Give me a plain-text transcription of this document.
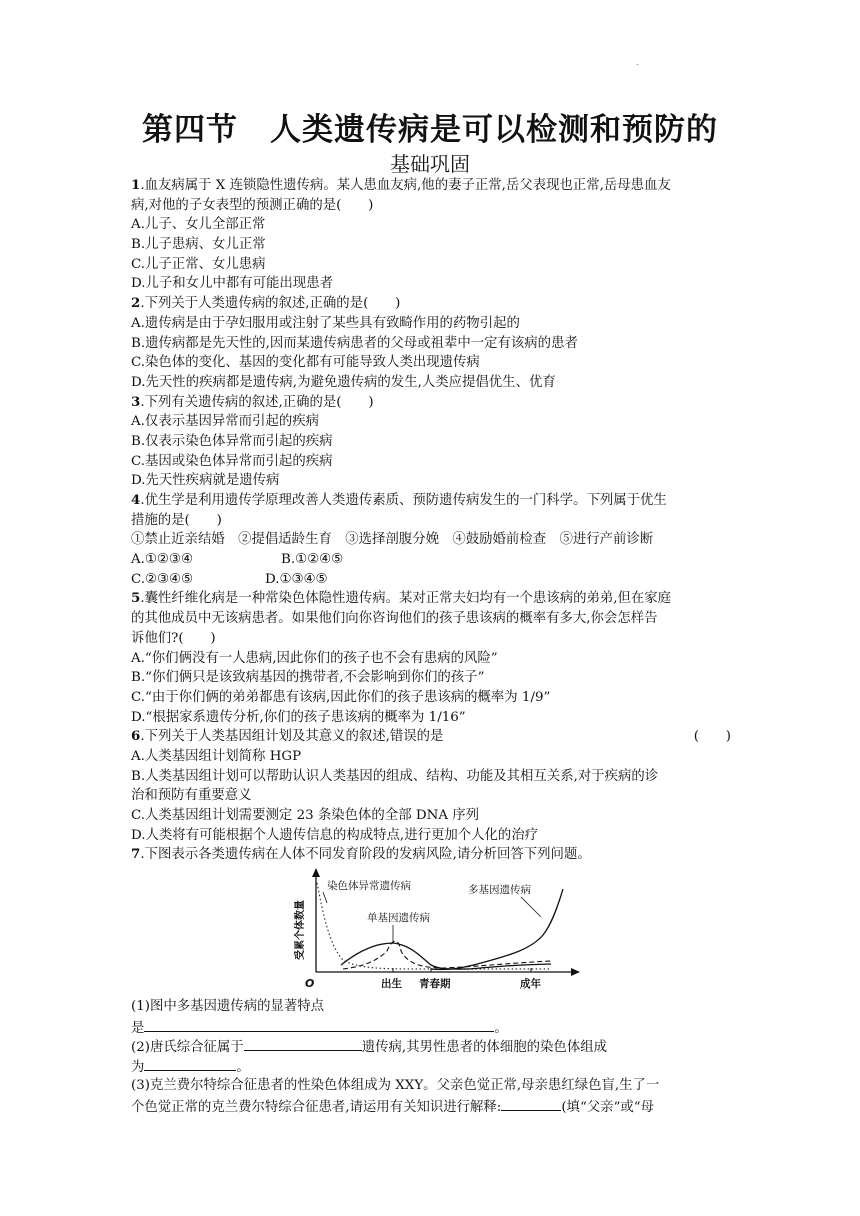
.
第四节　人类遗传病是可以检测和预防的
基础巩固
1.血友病属于 X 连锁隐性遗传病。某人患血友病,他的妻子正常,岳父表现也正常,岳母患血友
病,对他的子女表型的预测正确的是(　　)
A.儿子、女儿全部正常
B.儿子患病、女儿正常
C.儿子正常、女儿患病
D.儿子和女儿中都有可能出现患者
2.下列关于人类遗传病的叙述,正确的是(　　)
A.遗传病是由于孕妇服用或注射了某些具有致畸作用的药物引起的
B.遗传病都是先天性的,因而某遗传病患者的父母或祖辈中一定有该病的患者
C.染色体的变化、基因的变化都有可能导致人类出现遗传病
D.先天性的疾病都是遗传病,为避免遗传病的发生,人类应提倡优生、优育
3.下列有关遗传病的叙述,正确的是(　　)
A.仅表示基因异常而引起的疾病
B.仅表示染色体异常而引起的疾病
C.基因或染色体异常而引起的疾病
D.先天性疾病就是遗传病
4.优生学是利用遗传学原理改善人类遗传素质、预防遗传病发生的一门科学。下列属于优生
措施的是(　　)
①禁止近亲结婚　②提倡适龄生育　③选择剖腹分娩　④鼓励婚前检查　⑤进行产前诊断
A.①②③④	B.①②④⑤
C.②③④⑤	D.①③④⑤
5.囊性纤维化病是一种常染色体隐性遗传病。某对正常夫妇均有一个患该病的弟弟,但在家庭
的其他成员中无该病患者。如果他们向你咨询他们的孩子患该病的概率有多大,你会怎样告
诉他们?(　　)
A.“你们俩没有一人患病,因此你们的孩子也不会有患病的风险”
B.“你们俩只是该致病基因的携带者,不会影响到你们的孩子”
C.“由于你们俩的弟弟都患有该病,因此你们的孩子患该病的概率为 1/9”
D.“根据家系遗传分析,你们的孩子患该病的概率为 1/16”
6.下列关于人类基因组计划及其意义的叙述,错误的是	(　　)
A.人类基因组计划简称 HGP
B.人类基因组计划可以帮助认识人类基因的组成、结构、功能及其相互关系,对于疾病的诊
治和预防有重要意义
C.人类基因组计划需要测定 23 条染色体的全部 DNA 序列
D.人类将有可能根据个人遗传信息的构成特点,进行更加个人化的治疗
7.下图表示各类遗传病在人体不同发育阶段的发病风险,请分析回答下列问题。
受累个体数量
O
染色体异常遗传病
单基因遗传病
多基因遗传病
出生 青春期	成年
(1)图中多基因遗传病的显著特点
是	。
(2)唐氏综合征属于	遗传病,其男性患者的体细胞的染色体组成
为	。
(3)克兰费尔特综合征患者的性染色体组成为 XXY。父亲色觉正常,母亲患红绿色盲,生了一
个色觉正常的克兰费尔特综合征患者,请运用有关知识进行解释:	(填“父亲”或“母
